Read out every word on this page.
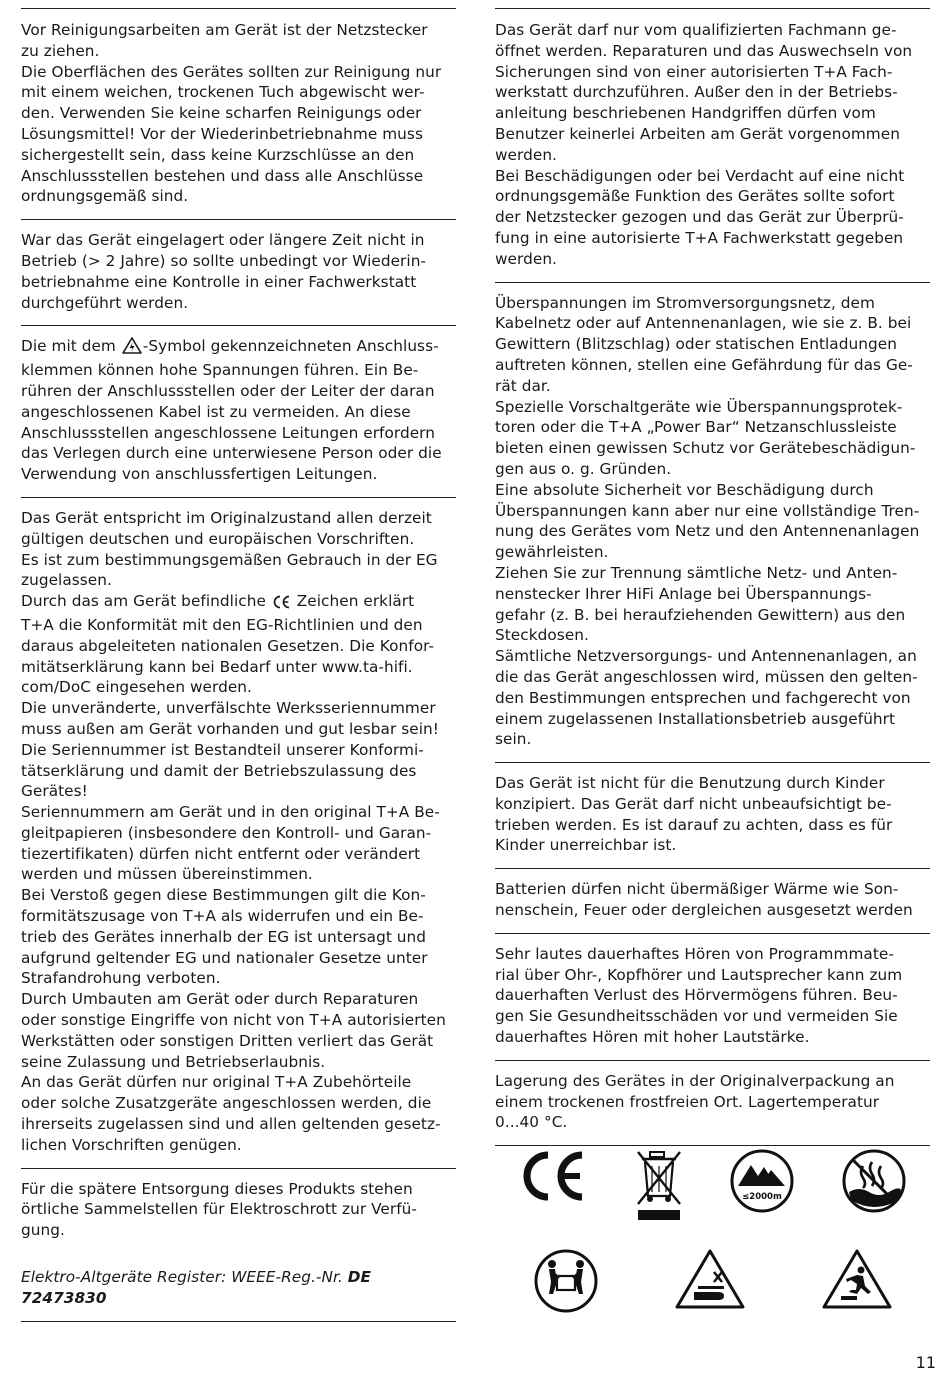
Vor Reinigungsarbeiten am Gerät ist der Netzstecker
zu ziehen.
Die Oberflächen des Gerätes sollten zur Reinigung nur
mit einem weichen, trockenen Tuch abgewischt wer-
den. Verwenden Sie keine scharfen Reinigungs oder
Lösungsmittel! Vor der Wiederinbetriebnahme muss
sichergestellt sein, dass keine Kurzschlüsse an den
Anschlussstellen bestehen und dass alle Anschlüsse
ordnungsgemäß sind.

War das Gerät eingelagert oder längere Zeit nicht in
Betrieb (> 2 Jahre) so sollte unbedingt vor Wiederin-
betriebnahme eine Kontrolle in einer Fachwerkstatt
durchgeführt werden.

Die mit dem -Symbol gekennzeichneten Anschluss-
klemmen können hohe Spannungen führen. Ein Be-
rühren der Anschlussstellen oder der Leiter der daran
angeschlossenen Kabel ist zu vermeiden. An diese
Anschlussstellen angeschlossene Leitungen erfordern
das Verlegen durch eine unterwiesene Person oder die
Verwendung von anschlussfertigen Leitungen.

Das Gerät entspricht im Originalzustand allen derzeit
gültigen deutschen und europäischen Vorschriften.
Es ist zum bestimmungsgemäßen Gebrauch in der EG
zugelassen.
Durch das am Gerät befindliche  Zeichen erklärt
T+A die Konformität mit den EG-Richtlinien und den
daraus abgeleiteten nationalen Gesetzen. Die Konfor-
mitätserklärung kann bei Bedarf unter www.ta-hifi.
com/DoC eingesehen werden.
Die unveränderte, unverfälschte Werksseriennummer
muss außen am Gerät vorhanden und gut lesbar sein!
Die Seriennummer ist Bestandteil unserer Konformi-
tätserklärung und damit der Betriebszulassung des
Gerätes!
Seriennummern am Gerät und in den original T+A Be-
gleitpapieren (insbesondere den Kontroll- und Garan-
tiezertifikaten) dürfen nicht entfernt oder verändert
werden und müssen übereinstimmen.
Bei Verstoß gegen diese Bestimmungen gilt die Kon-
formitätszusage von T+A als widerrufen und ein Be-
trieb des Gerätes innerhalb der EG ist untersagt und
aufgrund geltender EG und nationaler Gesetze unter
Strafandrohung verboten.
Durch Umbauten am Gerät oder durch Reparaturen
oder sonstige Eingriffe von nicht von T+A autorisierten
Werkstätten oder sonstigen Dritten verliert das Gerät
seine Zulassung und Betriebserlaubnis.
An das Gerät dürfen nur original T+A Zubehörteile
oder solche Zusatzgeräte angeschlossen werden, die
ihrerseits zugelassen sind und allen geltenden gesetz-
lichen Vorschriften genügen.

Für die spätere Entsorgung dieses Produkts stehen
örtliche Sammelstellen für Elektroschrott zur Verfü-
gung.

Elektro-Altgeräte Register: WEEE-Reg.-Nr. DE 72473830

Das Gerät darf nur vom qualifizierten Fachmann ge-
öffnet werden. Reparaturen und das Auswechseln von
Sicherungen sind von einer autorisierten T+A Fach-
werkstatt durchzuführen. Außer den in der Betriebs-
anleitung beschriebenen Handgriffen dürfen vom
Benutzer keinerlei Arbeiten am Gerät vorgenommen
werden.
Bei Beschädigungen oder bei Verdacht auf eine nicht
ordnungsgemäße Funktion des Gerätes sollte sofort
der Netzstecker gezogen und das Gerät zur Überprü-
fung in eine autorisierte T+A Fachwerkstatt gegeben
werden.

Überspannungen im Stromversorgungsnetz, dem
Kabelnetz oder auf Antennenanlagen, wie sie z. B. bei
Gewittern (Blitzschlag) oder statischen Entladungen
auftreten können, stellen eine Gefährdung für das Ge-
rät dar.
Spezielle Vorschaltgeräte wie Überspannungsprotek-
toren oder die T+A „Power Bar“ Netzanschlussleiste
bieten einen gewissen Schutz vor Gerätebeschädigun-
gen aus o. g. Gründen.
Eine absolute Sicherheit vor Beschädigung durch
Überspannungen kann aber nur eine vollständige Tren-
nung des Gerätes vom Netz und den Antennenanlagen
gewährleisten.
Ziehen Sie zur Trennung sämtliche Netz- und Anten-
nenstecker Ihrer HiFi Anlage bei Überspannungs-
gefahr (z. B. bei heraufziehenden Gewittern) aus den
Steckdosen.
Sämtliche Netzversorgungs- und Antennenanlagen, an
die das Gerät angeschlossen wird, müssen den gelten-
den Bestimmungen entsprechen und fachgerecht von
einem zugelassenen Installationsbetrieb ausgeführt
sein.

Das Gerät ist nicht für die Benutzung durch Kinder
konzipiert. Das Gerät darf nicht unbeaufsichtigt be-
trieben werden. Es ist darauf zu achten, dass es für
Kinder unerreichbar ist.

Batterien dürfen nicht übermäßiger Wärme wie Son-
nenschein, Feuer oder dergleichen ausgesetzt werden

Sehr lautes dauerhaftes Hören von Programmmate-
rial über Ohr-, Kopfhörer und Lautsprecher kann zum
dauerhaften Verlust des Hörvermögens führen. Beu-
gen Sie Gesundheitsschäden vor und vermeiden Sie
dauerhaftes Hören mit hoher Lautstärke.

Lagerung des Gerätes in der Originalverpackung an
einem trockenen frostfreien Ort. Lagertemperatur
0...40 °C.

≤2000m
11
